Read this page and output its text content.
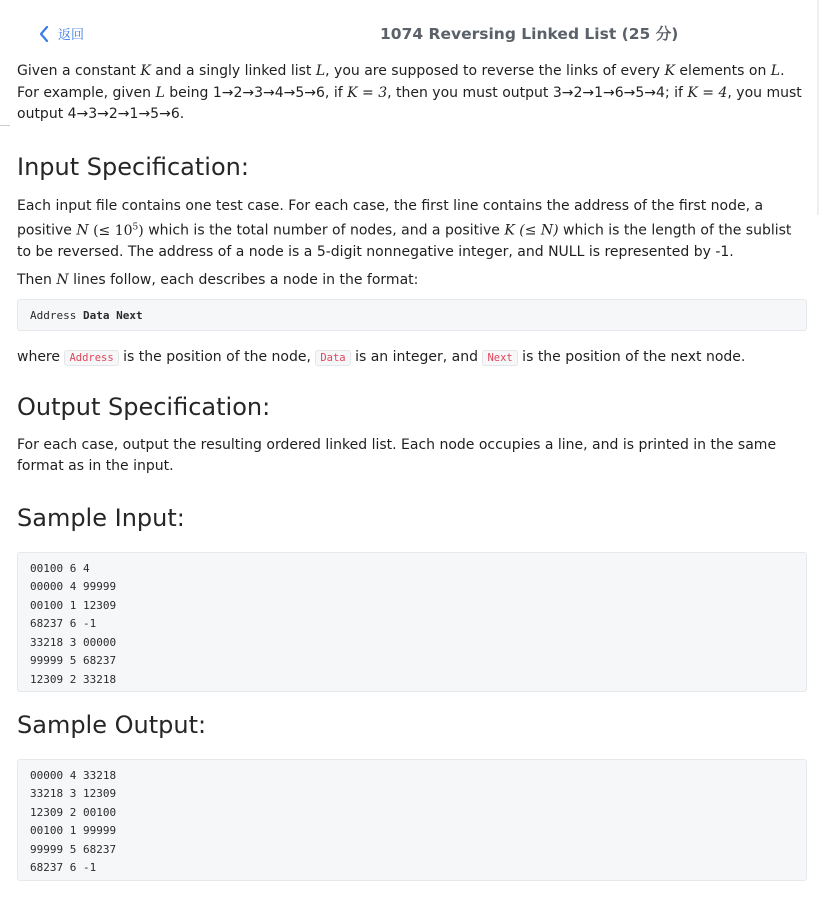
返回	1074 Reversing Linked List (25 分)

Given a constant K and a singly linked list L, you are supposed to reverse the links of every K elements on L. For example, given L being 1→2→3→4→5→6, if K = 3, then you must output 3→2→1→6→5→4; if K = 4, you must output 4→3→2→1→5→6.

Input Specification:

Each input file contains one test case. For each case, the first line contains the address of the first node, a positive N (≤ $10^5$) which is the total number of nodes, and a positive K (≤ N) which is the length of the sublist to be reversed. The address of a node is a 5-digit nonnegative integer, and NULL is represented by -1.

Then N lines follow, each describes a node in the format:

Address Data Next

where Address is the position of the node, Data is an integer, and Next is the position of the next node.

Output Specification:

For each case, output the resulting ordered linked list. Each node occupies a line, and is printed in the same format as in the input.

Sample Input:
00100 6 4
00000 4 99999
00100 1 12309
68237 6 -1
33218 3 00000
99999 5 68237
12309 2 33218
Sample Output:
00000 4 33218
33218 3 12309
12309 2 00100
00100 1 99999
99999 5 68237
68237 6 -1
